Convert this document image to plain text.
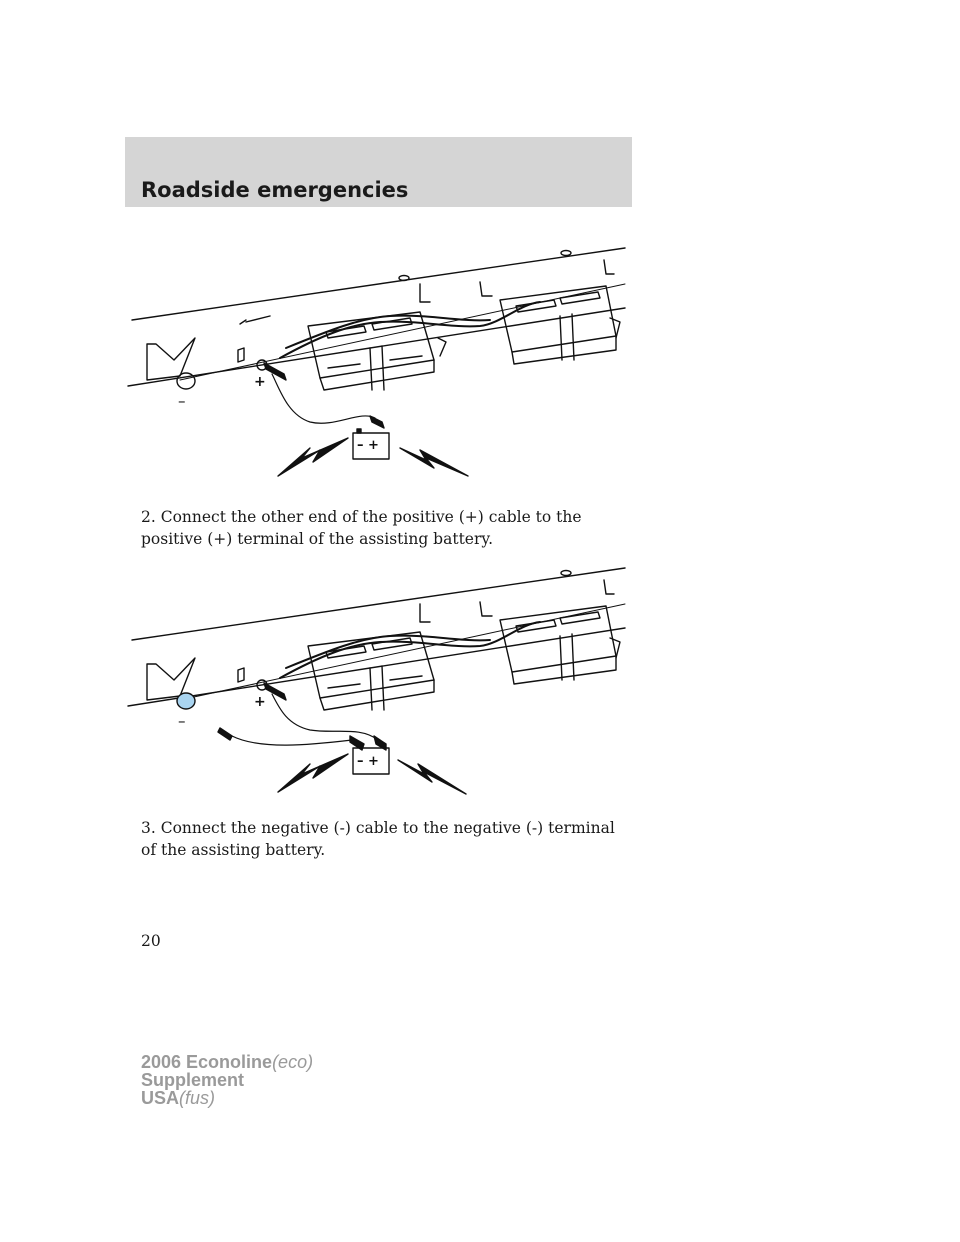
Roadside emergencies
–
+
– +

2. Connect the other end of the positive (+) cable to the positive (+) terminal of the assisting battery.

–
+
– +

3. Connect the negative (-) cable to the negative (-) terminal of the assisting battery.

20
2006 Econoline(eco)
Supplement
USA(fus)
